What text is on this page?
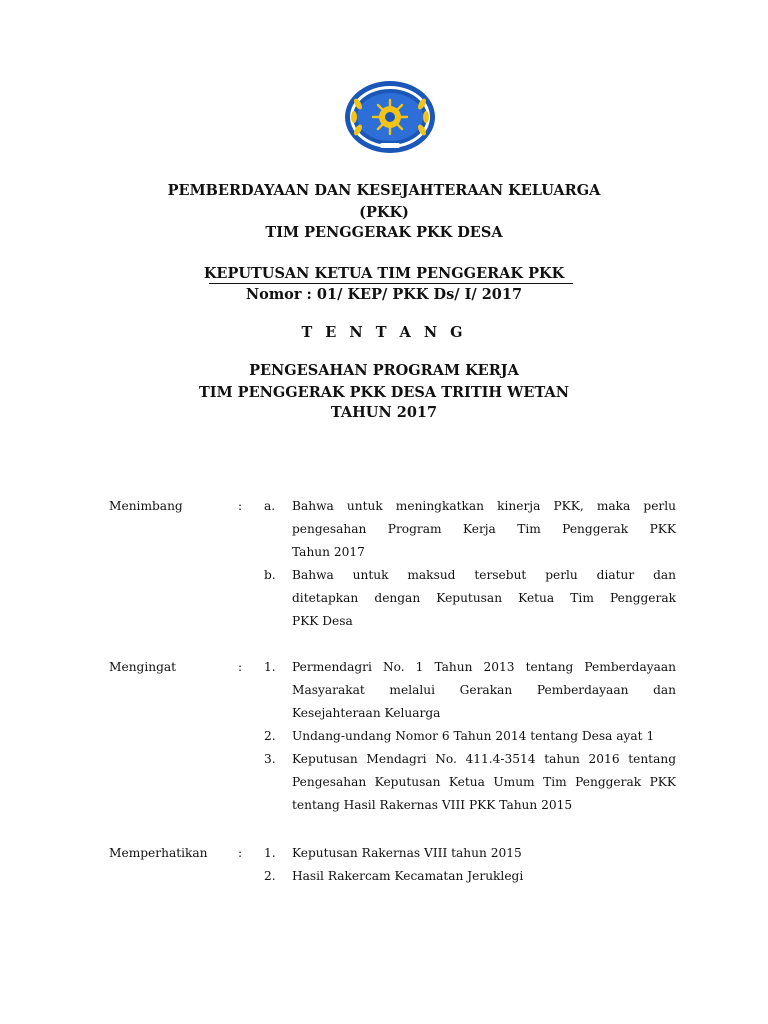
PEMBERDAYAAN DAN KESEJAHTERAAN KELUARGA
(PKK)
TIM PENGGERAK PKK DESA
KEPUTUSAN KETUA TIM PENGGERAK PKK
Nomor : 01/ KEP/ PKK Ds/ I/ 2017
T E N T A N G
PENGESAHAN PROGRAM KERJA
TIM PENGGERAK PKK DESA TRITIH WETAN
TAHUN 2017
Menimbang	: a. Bahwa untuk meningkatkan kinerja PKK, maka perlu
pengesahan Program Kerja Tim Penggerak PKK
Tahun 2017
b. Bahwa untuk maksud tersebut perlu diatur dan
ditetapkan dengan Keputusan Ketua Tim Penggerak
PKK Desa
Mengingat	: 1. Permendagri No. 1 Tahun 2013 tentang Pemberdayaan
Masyarakat melalui Gerakan Pemberdayaan dan
Kesejahteraan Keluarga
2. Undang-undang Nomor 6 Tahun 2014 tentang Desa ayat 1
3. Keputusan Mendagri No. 411.4-3514 tahun 2016 tentang
Pengesahan Keputusan Ketua Umum Tim Penggerak PKK
tentang Hasil Rakernas VIII PKK Tahun 2015
Memperhatikan	: 1. Keputusan Rakernas VIII tahun 2015
2. Hasil Rakercam Kecamatan Jeruklegi
